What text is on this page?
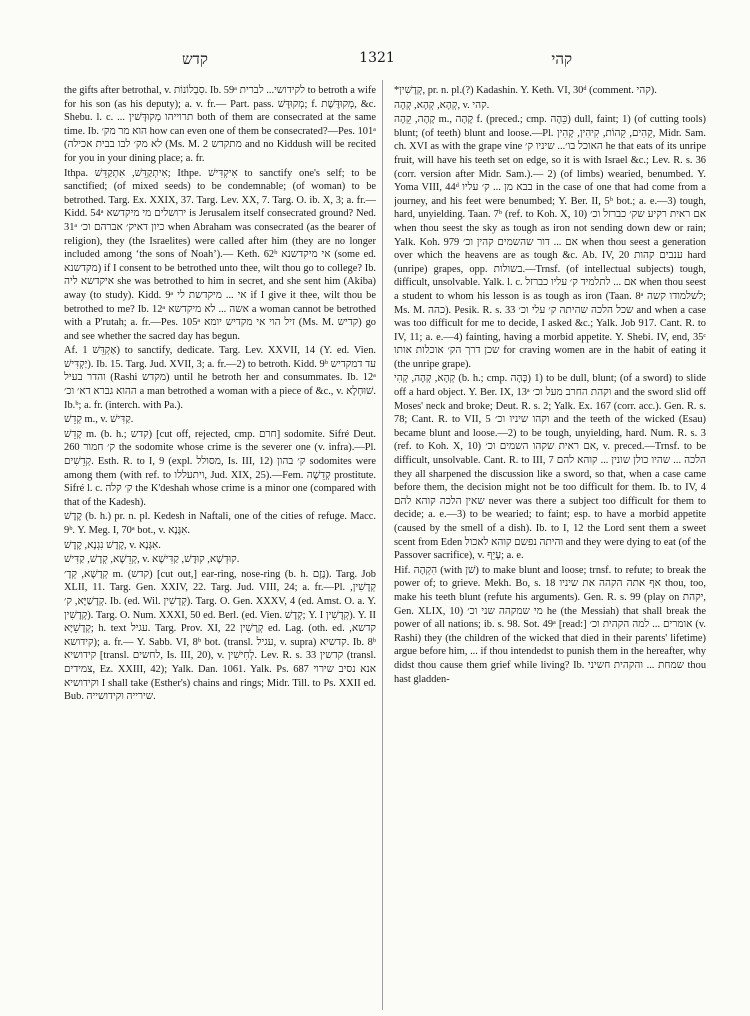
קדש	1321	קהי

the gifts after betrothal, v. סִבְלוֹנוֹת. Ib. 59ᵃ לקידושי... לברית to betroth a wife for his son (as his deputy); a. v. fr.— Part. pass. מְקוּדָּשׁ; f. מְקוּדֶּשֶׁת, &c. Shebu. l. c. ... תרוייהו מְקוּדָּשׁין both of them are consecrated at the same time. Ib. הוא מר מק׳ how can even one of them be consecrated?—Pes. 101ᵃ (לא מק׳ לבו בבית אכילה (Ms. M. 2 מתקדש and no Kiddush will be recited for you in your dining place; a. fr.

Ithpa. אִיתְקַדֵּשׁ, אִתְקַדֵּשׁ; Ithpe. אִיקְדִּישׁ to sanctify one's self; to be sanctified; (of mixed seeds) to be condemnable; (of woman) to be betrothed. Targ. Ex. XXIX, 37. Targ. Lev. XX, 7. Targ. O. ib. X, 3; a. fr.—Kidd. 54ᵃ ירושלים מי מיקדשא is Jerusalem itself consecrated ground? Ned. 31ᵃ כיון דאיק׳ אברהם וכ׳ when Abraham was consecrated (as the bearer of religion), they (the Israelites) were called after him (they are no longer included among ‘the sons of Noah’).— Keth. 62ᵇ אי מיקדשנא (some ed. מקדשנא) if I consent to be betrothed unto thee, wilt thou go to college? Ib. איקדשא ליה she was betrothed to him in secret, and she sent him (Akiba) away (to study). Kidd. 9ᵃ אי ... מיקדשת לי if I give it thee, wilt thou be betrothed to me? Ib. 12ᵃ אשה ... לא מיקדשא a woman cannot be betrothed with a P'rutah; a. fr.—Pes. 105ᵃ זיל הוי אי מקדיש יומא (Ms. M. קדיש) go and see whether the sacred day has begun.

Af. אַקְדֵּשׁ 1) to sanctify, dedicate. Targ. Lev. XXVII, 14 (Y. ed. Vien. יַקְדִּישׁ). Ib. 15. Targ. Jud. XVII, 3; a. fr.—2) to betroth. Kidd. 9ᵇ עד דמקדיש והדר בעיל (Rashi מקדש) until he betroth her and consummates. Ib. 12ᵃ ההוא גברא דא׳ וכ׳ a man betrothed a woman with a piece of &c., v. שׁוּחְלָא. Ib.ᵇ; a. fr. (interch. with Pa.).

קְדֵשׁ m., v. קַדִּישׁ.

קָדֵשׁ m. (b. h.; קדש) [cut off, rejected, cmp. חרם] sodomite. Sifré Deut. 260 ק׳ חמור the sodomite whose crime is the severer one (v. infra).—Pl. קְדֵשִׁים. Esth. R. to I, 9 (expl. מסולל, Is. III, 12) ק׳ בהון sodomites were among them (with ref. to ויתעללו, Jud. XIX, 25).—Fem. קְדֵשָׁה prostitute. Sifré l. c. ק׳ קלה the K'deshah whose crime is a minor one (compared with that of the Kadesh).

קֶדֶשׁ (b. h.) pr. n. pl. Kedesh in Naftali, one of the cities of refuge. Macc. 9ᵇ. Y. Meg. I, 70ᵃ bot., v. אִגָּנָא.

קֶדֶשׁ נִגְנָא, קֶדֶשׁ, v. אִגָּנָא.

קְדֵשָׁא, קְדָשׁ, קַדִּישׁ, v. קוּדְשָׁא, קוּדֶשׁ, קַדִּישָׁא.

קְדָשָׁא, קְדָ׳ m. (קדש) [cut out,] ear-ring, nose-ring (b. h. נֶזֶם). Targ. Job XLII, 11. Targ. Gen. XXIV, 22. Targ. Jud. VIII, 24; a. fr.—Pl. קְדָשִׁין, קְדָשַׁיָּא, ק׳. Ib. (ed. Wil. קְדָשִׁין). Targ. O. Gen. XXXV, 4 (ed. Amst. O. a. Y. קְדָשִׁין). Targ. O. Num. XXXI, 50 ed. Berl. (ed. Vien. קְדָשׁ; Y. I קְדָשִׁין). Y. II קְדָשֵׁיָּא; h. text עגיל. Targ. Prov. XI, 22 קְרָשִׁין ed. Lag. (oth. ed. קדשא, קידושא); a. fr.— Y. Sabb. VI, 8ᵇ bot. (transl. עגיל, v. supra) קדשיא. Ib. 8ᵇ קידושיא [transl. לחשים, Is. III, 20), v. לְחִישִׁין. Lev. R. s. 33 קדשין (transl. צמידים, Ez. XXIII, 42); Yalk. Dan. 1061. Yalk. Ps. 687 אנא נסיב שירוי וקידושיא I shall take (Esther's) chains and rings; Midr. Till. to Ps. XXII ed. Bub. שירייה וקידושייה.

*קְדָשִׁין, pr. n. pl.(?) Kadashin. Y. Keth. VI, 30ᵈ (comment. קהי).

קְהָא, קְהָא, קְהָה, v. קהי.

קָהֶה, קֵהָה m., קָהָה f. (preced.; cmp. כֵּהָה) dull, faint; 1) (of cutting tools) blunt; (of teeth) blunt and loose.—Pl. קֵהִים, קֵהוֹת, קִיהִין, קָהִין, Midr. Sam. ch. XVI as with the grape vine האוכל בו׳... שיניו ק׳ he that eats of its unripe fruit, will have his teeth set on edge, so it is with Israel &c.; Lev. R. s. 36 (corr. version after Midr. Sam.).— 2) (of limbs) wearied, benumbed. Y. Yoma VIII, 44ᵈ בבא מן ... ק׳ עליו in the case of one that had come from a journey, and his feet were benumbed; Y. Ber. II, 5ᵇ bot.; a. e.—3) tough, hard, unyielding. Taan. 7ᵇ (ref. to Koh. X, 10) אם ראית רקיע שק׳ כברזל וכ׳ when thou seest the sky as tough as iron not sending down dew or rain; Yalk. Koh. 979 אם ... דור שהשמים קהין וכ׳ when thou seest a generation over which the heavens are as tough &c. Ab. IV, 20 ענבים קהות hard (unripe) grapes, opp. בשולות.—Trnsf. (of intellectual subjects) tough, difficult, unsolvable. Yalk. l. c. אם ... לתלמיד ק׳ עליו כברזל when thou seest a student to whom his lesson is as tough as iron (Taan. 8ᵃ לשלמודו קשה; Ms. M. כהה). Pesik. R. s. 33 שכל הלכה שהיתה ק׳ עלי וכ׳ and when a case was too difficult for me to decide, I asked &c.; Yalk. Job 917. Cant. R. to IV, 11; a. e.—4) fainting, having a morbid appetite. Y. Shebi. IV, end, 35ᶜ שכן דרך הק׳ אוכלות אותו for craving women are in the habit of eating it (the unripe grape).

קְהָא, קְהָה, קְהִי (b. h.; cmp. כָּהָה) 1) to be dull, blunt; (of a sword) to slide off a hard object. Y. Ber. IX, 13ᵃ וקהת החרב מעל וכ׳ and the sword slid off Moses' neck and broke; Deut. R. s. 2; Yalk. Ex. 167 (corr. acc.). Gen. R. s. 78; Cant. R. to VII, 5 וקהו שיניו וכ׳ and the teeth of the wicked (Esau) became blunt and loose.—2) to be tough, unyielding, hard. Num. R. s. 3 (ref. to Koh. X, 10) אם ראית שקהו השמים וכ׳, v. preced.—Trnsf. to be difficult, unsolvable. Cant. R. to III, 7 הלכה ... שהיו כולן שונין ... קוהא להם they all sharpened the discussion like a sword, so that, when a case came before them, the decision might not be too difficult for them. Ib. to IV, 4 שאין הלכה קוהא להם never was there a subject too difficult for them to decide; a. e.—3) to be wearied; to faint; esp. to have a morbid appetite (caused by the smell of a dish). Ib. to I, 12 the Lord sent them a sweet scent from Eden והיתה נפשם קוהא לאכול and they were dying to eat (of the Passover sacrifice), v. עָיֵף; a. e.

Hif. הִקְהָה (with שׁן) to make blunt and loose; trnsf. to refute; to break the power of; to grieve. Mekh. Bo, s. 18 אף אתה הקהה את שיניו thou, too, make his teeth blunt (refute his arguments). Gen. R. s. 99 (play on יקהת, Gen. XLIX, 10) מי שמקהה שני וכ׳ he (the Messiah) that shall break the power of all nations; ib. s. 98. Sot. 49ᵃ [read:] אומרים ... למה הקהית וכ׳ (v. Rashi) they (the children of the wicked that died in their parents' lifetime) argue before him, ... if thou intendedst to punish them in the hereafter, why didst thou cause them grief while living? Ib. שמחת ... והקהית חשיני thou hast gladden-
